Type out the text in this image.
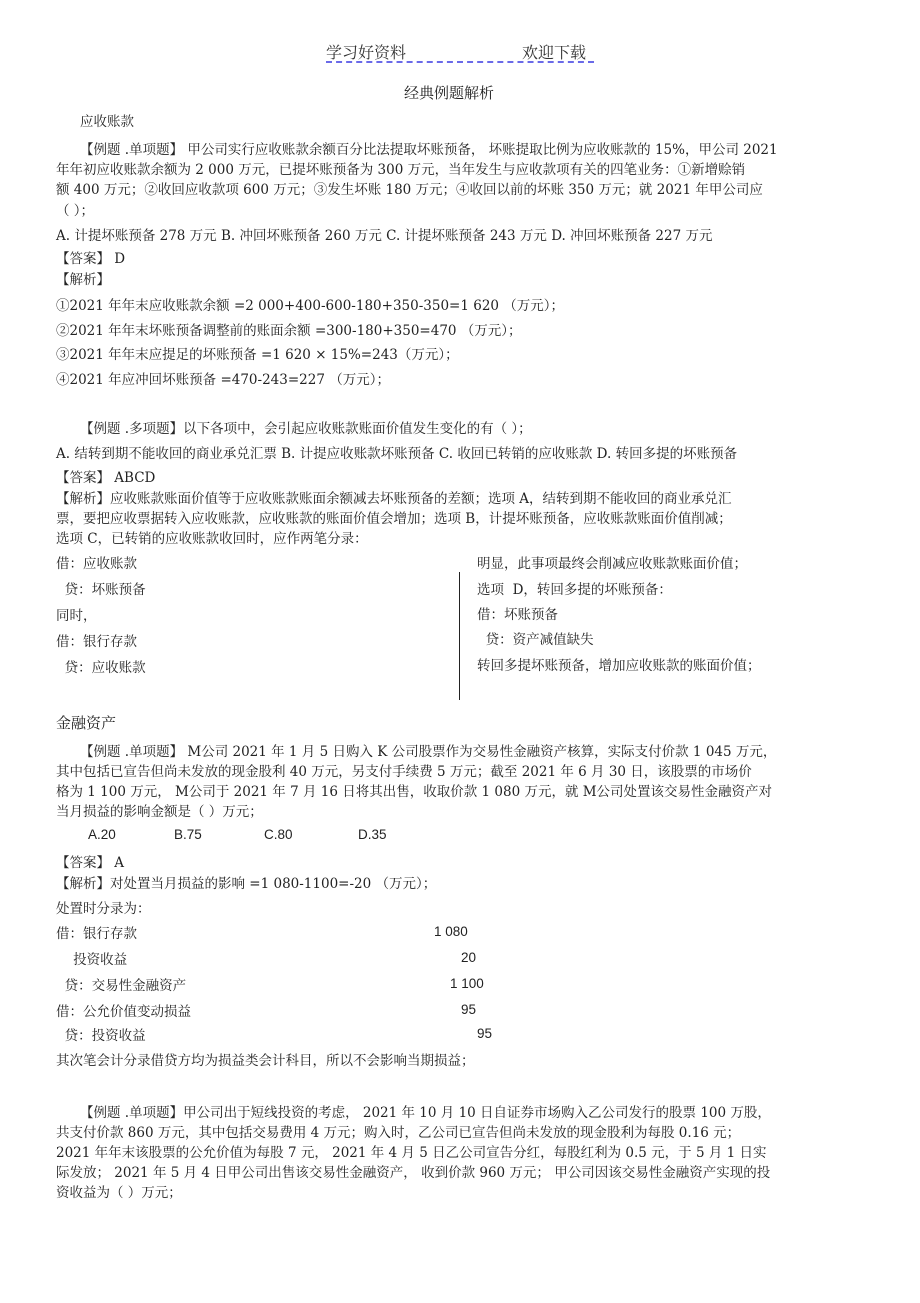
学习好资料	欢迎下载
经典例题解析
应收账款
【例题 .单项题】 甲公司实行应收账款余额百分比法提取坏账预备， 坏账提取比例为应收账款的 15%，甲公司 2021
年年初应收账款余额为 2 000 万元，已提坏账预备为 300 万元，当年发生与应收款项有关的四笔业务：①新增赊销
额 400 万元；②收回应收款项 600 万元；③发生坏账 180 万元；④收回以前的坏账 350 万元；就 2021 年甲公司应
（ ）；
A. 计提坏账预备 278 万元 B. 冲回坏账预备 260 万元 C. 计提坏账预备 243 万元 D. 冲回坏账预备 227 万元
【答案】 D
【解析】
①2021 年年末应收账款余额 =2 000+400-600-180+350-350=1 620 （万元）；
②2021 年年末坏账预备调整前的账面余额 =300-180+350=470 （万元）；
③2021 年年末应提足的坏账预备 =1 620 × 15%=243（万元）；
④2021 年应冲回坏账预备 =470-243=227 （万元）；
【例题 .多项题】以下各项中，会引起应收账款账面价值发生变化的有（ ）；
A. 结转到期不能收回的商业承兑汇票 B. 计提应收账款坏账预备 C. 收回已转销的应收账款 D. 转回多提的坏账预备
【答案】 ABCD
【解析】应收账款账面价值等于应收账款账面余额减去坏账预备的差额；选项 A，结转到期不能收回的商业承兑汇
票，要把应收票据转入应收账款，应收账款的账面价值会增加；选项 B，计提坏账预备，应收账款账面价值削减；
选项 C，已转销的应收账款收回时，应作两笔分录：
借：应收账款
贷：坏账预备
同时，
借：银行存款
贷：应收账款
明显，此事项最终会削减应收账款账面价值；
选项  D，转回多提的坏账预备：
借：坏账预备
贷：资产减值缺失
转回多提坏账预备，增加应收账款的账面价值；
金融资产
【例题 .单项题】 M公司 2021 年 1 月 5 日购入 K 公司股票作为交易性金融资产核算，实际支付价款 1 045 万元，
其中包括已宣告但尚未发放的现金股利 40 万元，另支付手续费 5 万元；截至 2021 年 6 月 30 日，该股票的市场价
格为 1 100 万元， M公司于 2021 年 7 月 16 日将其出售，收取价款 1 080 万元，就 M公司处置该交易性金融资产对
当月损益的影响金额是（ ）万元；
A.20	B.75	C.80	D.35
【答案】 A
【解析】对处置当月损益的影响 =1 080-1100=-20 （万元）；
处置时分录为：
借：银行存款	1 080
投资收益	20
贷：交易性金融资产	1 100
借：公允价值变动损益	95
贷：投资收益	95
其次笔会计分录借贷方均为损益类会计科目，所以不会影响当期损益；
【例题 .单项题】甲公司出于短线投资的考虑， 2021 年 10 月 10 日自证券市场购入乙公司发行的股票 100 万股，
共支付价款 860 万元，其中包括交易费用 4 万元；购入时，乙公司已宣告但尚未发放的现金股利为每股 0.16 元；
2021 年年末该股票的公允价值为每股 7 元， 2021 年 4 月 5 日乙公司宣告分红，每股红利为 0.5 元，于 5 月 1 日实
际发放； 2021 年 5 月 4 日甲公司出售该交易性金融资产， 收到价款 960 万元； 甲公司因该交易性金融资产实现的投
资收益为（ ）万元；
